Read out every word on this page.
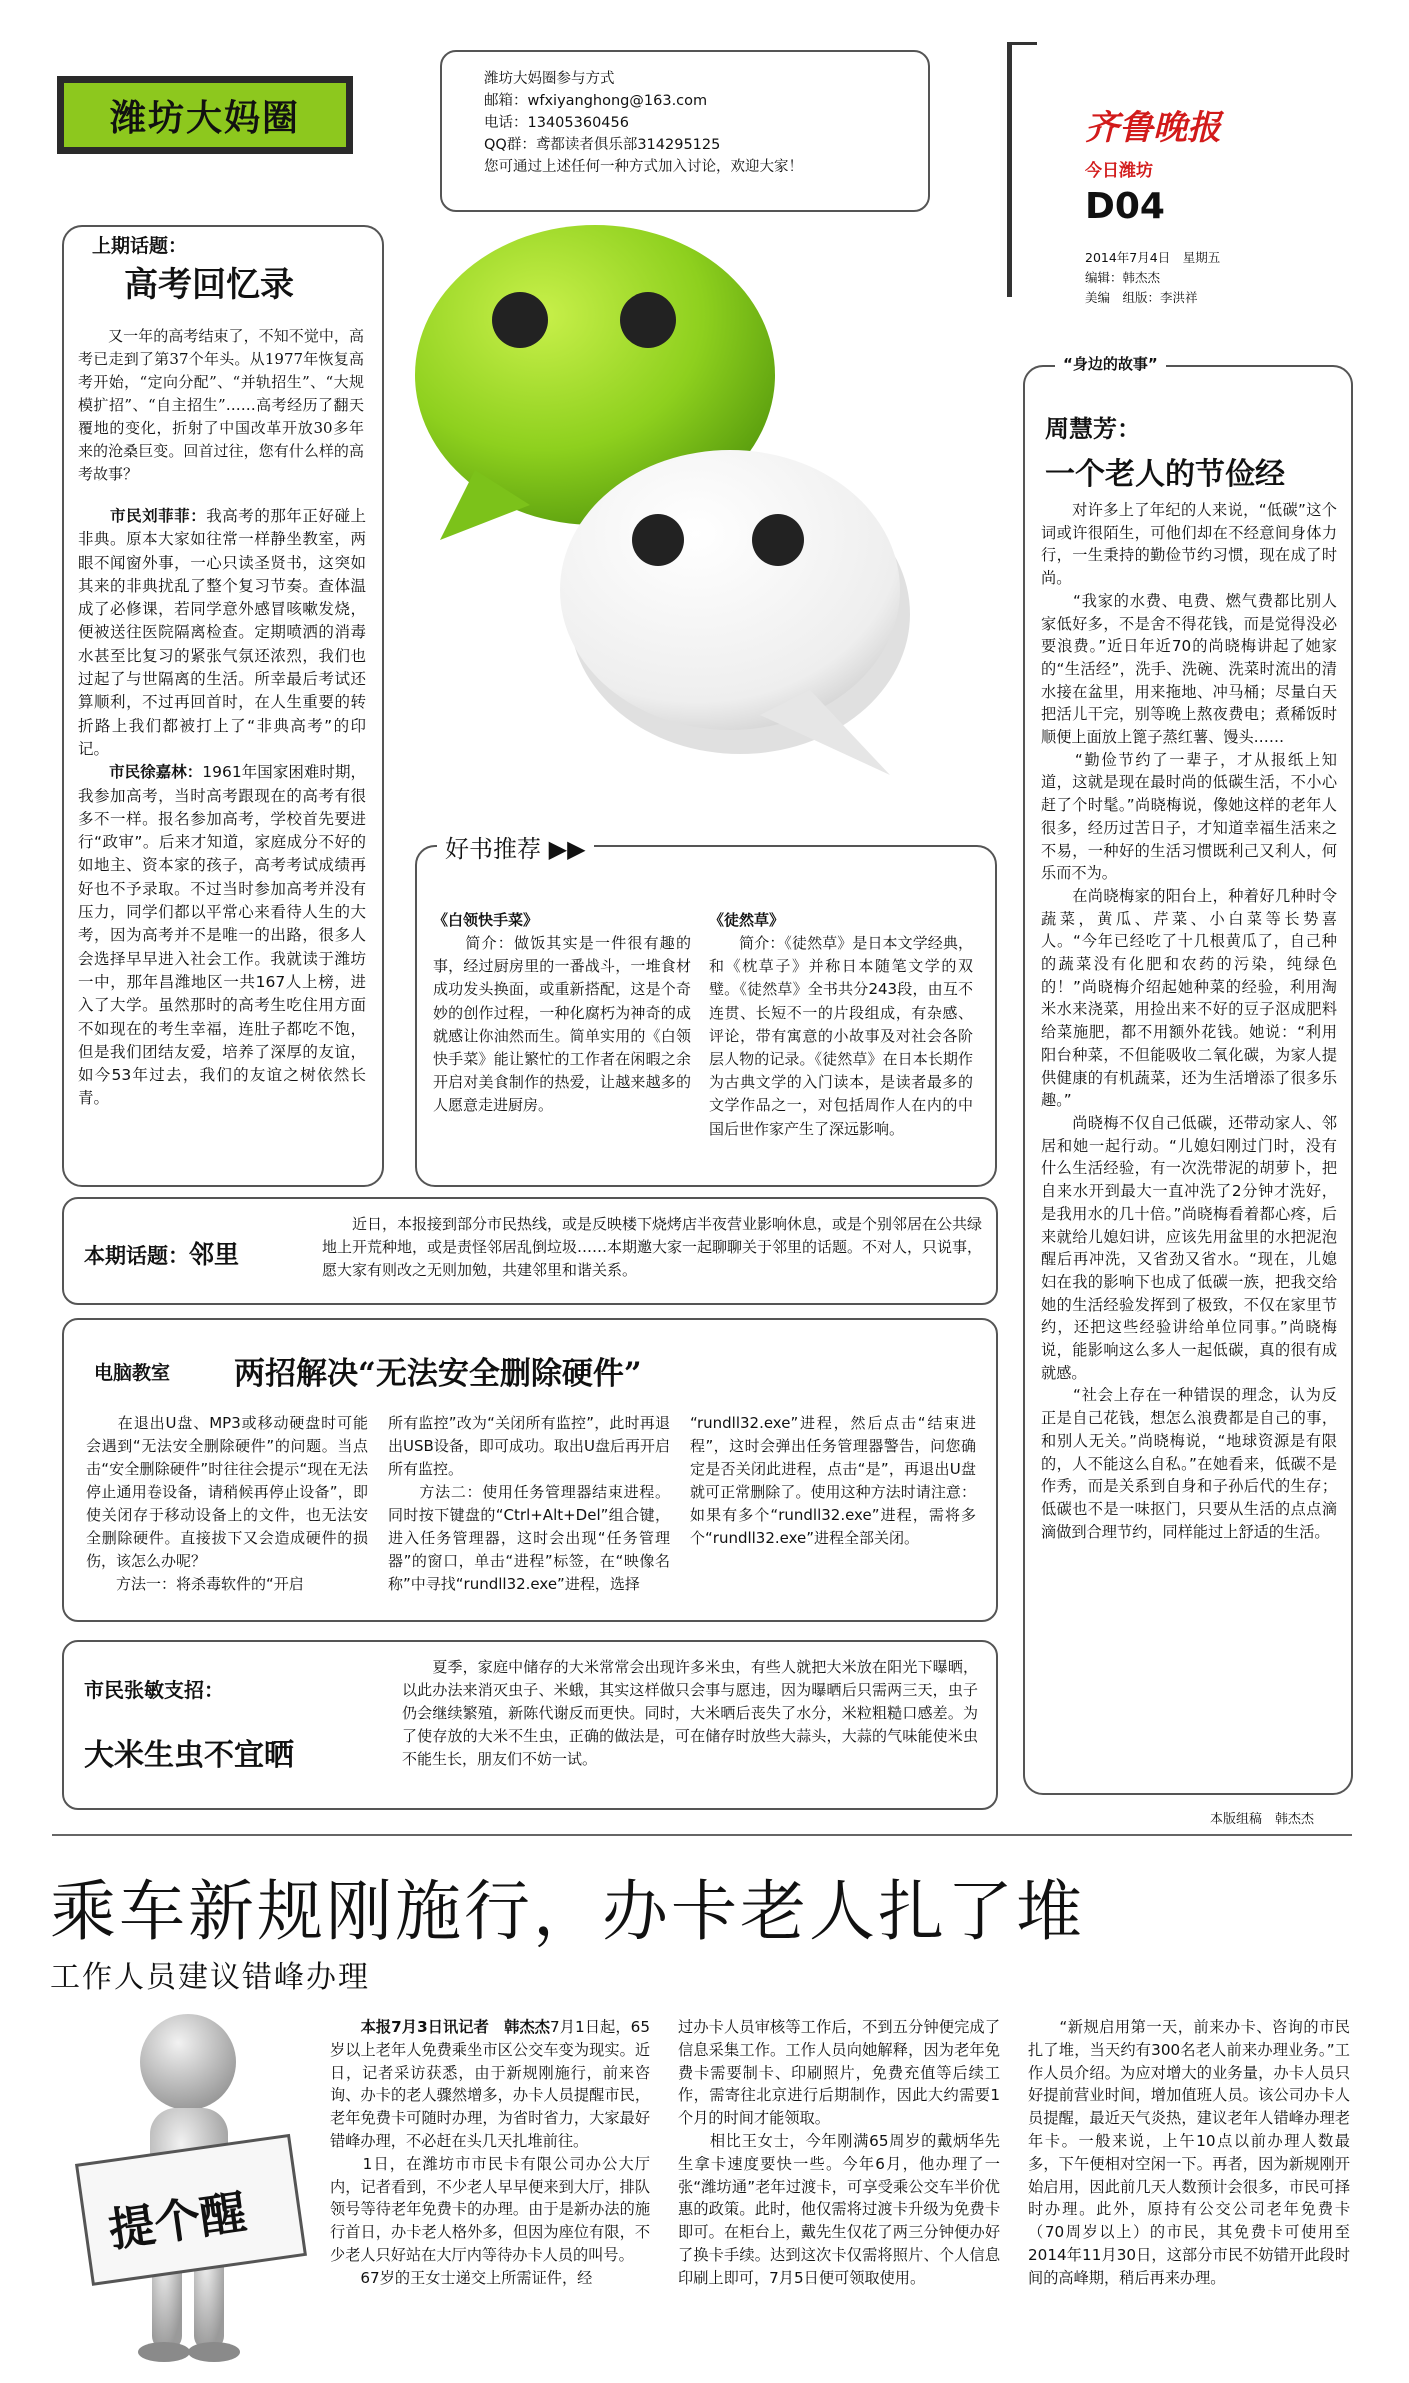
潍坊大妈圈
潍坊大妈圈参与方式
邮箱：wfxiyanghong@163.com
电话：13405360456
QQ群：鸢都读者俱乐部314295125
您可通过上述任何一种方式加入讨论，欢迎大家！
齐鲁晚报
今日潍坊
D04
2014年7月4日　星期五
编辑：韩杰杰
美编　组版：李洪祥
上期话题：
高考回忆录
　　又一年的高考结束了，不知不觉中，高考已走到了第37个年头。从1977年恢复高考开始，“定向分配”、“并轨招生”、“大规模扩招”、“自主招生”……高考经历了翻天覆地的变化，折射了中国改革开放30多年来的沧桑巨变。回首过往，您有什么样的高考故事？
　　市民刘菲菲：我高考的那年正好碰上非典。原本大家如往常一样静坐教室，两眼不闻窗外事，一心只读圣贤书，这突如其来的非典扰乱了整个复习节奏。查体温成了必修课，若同学意外感冒咳嗽发烧，便被送往医院隔离检查。定期喷洒的消毒水甚至比复习的紧张气氛还浓烈，我们也过起了与世隔离的生活。所幸最后考试还算顺利，不过再回首时，在人生重要的转折路上我们都被打上了“非典高考”的印记。
　　市民徐嘉林：1961年国家困难时期，我参加高考，当时高考跟现在的高考有很多不一样。报名参加高考，学校首先要进行“政审”。后来才知道，家庭成分不好的如地主、资本家的孩子，高考考试成绩再好也不予录取。不过当时参加高考并没有压力，同学们都以平常心来看待人生的大考，因为高考并不是唯一的出路，很多人会选择早早进入社会工作。我就读于潍坊一中，那年昌潍地区一共167人上榜，进入了大学。虽然那时的高考生吃住用方面不如现在的考生幸福，连肚子都吃不饱，但是我们团结友爱，培养了深厚的友谊，如今53年过去，我们的友谊之树依然长青。
好书推荐 ▶▶
《白领快手菜》
　　简介：做饭其实是一件很有趣的事，经过厨房里的一番战斗，一堆食材成功发头换面，或重新搭配，这是个奇妙的创作过程，一种化腐朽为神奇的成就感让你油然而生。简单实用的《白领快手菜》能让繁忙的工作者在闲暇之余开启对美食制作的热爱，让越来越多的人愿意走进厨房。
《徒然草》
　　简介：《徒然草》是日本文学经典，和《枕草子》并称日本随笔文学的双璧。《徒然草》全书共分243段，由互不连贯、长短不一的片段组成，有杂感、评论，带有寓意的小故事及对社会各阶层人物的记录。《徒然草》在日本长期作为古典文学的入门读本，是读者最多的文学作品之一，对包括周作人在内的中国后世作家产生了深远影响。
本期话题：邻里
　　近日，本报接到部分市民热线，或是反映楼下烧烤店半夜营业影响休息，或是个别邻居在公共绿地上开荒种地，或是责怪邻居乱倒垃圾……本期邀大家一起聊聊关于邻里的话题。不对人，只说事，愿大家有则改之无则加勉，共建邻里和谐关系。
电脑教室 两招解决“无法安全删除硬件”
　　在退出U盘、MP3或移动硬盘时可能会遇到“无法安全删除硬件”的问题。当点击“安全删除硬件”时往往会提示“现在无法停止通用卷设备，请稍候再停止设备”，即使关闭存于移动设备上的文件，也无法安全删除硬件。直接拔下又会造成硬件的损伤，该怎么办呢？
　　方法一：将杀毒软件的“开启
所有监控”改为“关闭所有监控”，此时再退出USB设备，即可成功。取出U盘后再开启所有监控。
　　方法二：使用任务管理器结束进程。同时按下键盘的“Ctrl+Alt+Del”组合键，进入任务管理器，这时会出现“任务管理器”的窗口，单击“进程”标签，在“映像名称”中寻找“rundll32.exe”进程，选择
“rundll32.exe”进程，然后点击“结束进程”，这时会弹出任务管理器警告，问您确定是否关闭此进程，点击“是”，再退出U盘就可正常删除了。使用这种方法时请注意：如果有多个“rundll32.exe”进程，需将多个“rundll32.exe”进程全部关闭。
市民张敏支招：
大米生虫不宜晒
　　夏季，家庭中储存的大米常常会出现许多米虫，有些人就把大米放在阳光下曝晒，以此办法来消灭虫子、米蛾，其实这样做只会事与愿违，因为曝晒后只需两三天，虫子仍会继续繁殖，新陈代谢反而更快。同时，大米晒后丧失了水分，米粒粗糙口感差。为了使存放的大米不生虫，正确的做法是，可在储存时放些大蒜头，大蒜的气味能使米虫不能生长，朋友们不妨一试。
“身边的故事”
周慧芳：
一个老人的节俭经
　　对许多上了年纪的人来说，“低碳”这个词或许很陌生，可他们却在不经意间身体力行，一生秉持的勤俭节约习惯，现在成了时尚。
　　“我家的水费、电费、燃气费都比别人家低好多，不是舍不得花钱，而是觉得没必要浪费。”近日年近70的尚晓梅讲起了她家的“生活经”，洗手、洗碗、洗菜时流出的清水接在盆里，用来拖地、冲马桶；尽量白天把活儿干完，别等晚上熬夜费电；煮稀饭时顺便上面放上篦子蒸红薯、馒头……
　　“勤俭节约了一辈子，才从报纸上知道，这就是现在最时尚的低碳生活，不小心赶了个时髦。”尚晓梅说，像她这样的老年人很多，经历过苦日子，才知道幸福生活来之不易，一种好的生活习惯既利己又利人，何乐而不为。
　　在尚晓梅家的阳台上，种着好几种时令蔬菜，黄瓜、芹菜、小白菜等长势喜人。“今年已经吃了十几根黄瓜了，自己种的蔬菜没有化肥和农药的污染，纯绿色的！”尚晓梅介绍起她种菜的经验，利用淘米水来浇菜，用捡出来不好的豆子沤成肥料给菜施肥，都不用额外花钱。她说：“利用阳台种菜，不但能吸收二氧化碳，为家人提供健康的有机蔬菜，还为生活增添了很多乐趣。”
　　尚晓梅不仅自己低碳，还带动家人、邻居和她一起行动。“儿媳妇刚过门时，没有什么生活经验，有一次洗带泥的胡萝卜，把自来水开到最大一直冲洗了2分钟才洗好，是我用水的几十倍。”尚晓梅看着都心疼，后来就给儿媳妇讲，应该先用盆里的水把泥泡醒后再冲洗，又省劲又省水。“现在，儿媳妇在我的影响下也成了低碳一族，把我交给她的生活经验发挥到了极致，不仅在家里节约，还把这些经验讲给单位同事。”尚晓梅说，能影响这么多人一起低碳，真的很有成就感。
　　“社会上存在一种错误的理念，认为反正是自己花钱，想怎么浪费都是自己的事，和别人无关。”尚晓梅说，“地球资源是有限的，人不能这么自私。”在她看来，低碳不是作秀，而是关系到自身和子孙后代的生存；低碳也不是一味抠门，只要从生活的点点滴滴做到合理节约，同样能过上舒适的生活。
本版组稿　韩杰杰
乘车新规刚施行，办卡老人扎了堆
工作人员建议错峰办理
提个醒
　　本报7月3日讯记者　韩杰杰7月1日起，65岁以上老年人免费乘坐市区公交车变为现实。近日，记者采访获悉，由于新规刚施行，前来咨询、办卡的老人骤然增多，办卡人员提醒市民，老年免费卡可随时办理，为省时省力，大家最好错峰办理，不必赶在头几天扎堆前往。
　　1日，在潍坊市市民卡有限公司办公大厅内，记者看到，不少老人早早便来到大厅，排队领号等待老年免费卡的办理。由于是新办法的施行首日，办卡老人格外多，但因为座位有限，不少老人只好站在大厅内等待办卡人员的叫号。
　　67岁的王女士递交上所需证件，经
过办卡人员审核等工作后，不到五分钟便完成了信息采集工作。工作人员向她解释，因为老年免费卡需要制卡、印刷照片，免费充值等后续工作，需寄往北京进行后期制作，因此大约需要1个月的时间才能领取。
　　相比王女士，今年刚满65周岁的戴炳华先生拿卡速度要快一些。今年6月，他办理了一张“潍坊通”老年过渡卡，可享受乘公交车半价优惠的政策。此时，他仅需将过渡卡升级为免费卡即可。在柜台上，戴先生仅花了两三分钟便办好了换卡手续。达到这次卡仅需将照片、个人信息印刷上即可，7月5日便可领取使用。
　　“新规启用第一天，前来办卡、咨询的市民扎了堆，当天约有300名老人前来办理业务。”工作人员介绍。为应对增大的业务量，办卡人员只好提前营业时间，增加值班人员。该公司办卡人员提醒，最近天气炎热，建议老年人错峰办理老年卡。一般来说，上午10点以前办理人数最多，下午便相对空闲一下。再者，因为新规刚开始启用，因此前几天人数预计会很多，市民可择时办理。此外，原持有公交公司老年免费卡（70周岁以上）的市民，其免费卡可使用至2014年11月30日，这部分市民不妨错开此段时间的高峰期，稍后再来办理。
